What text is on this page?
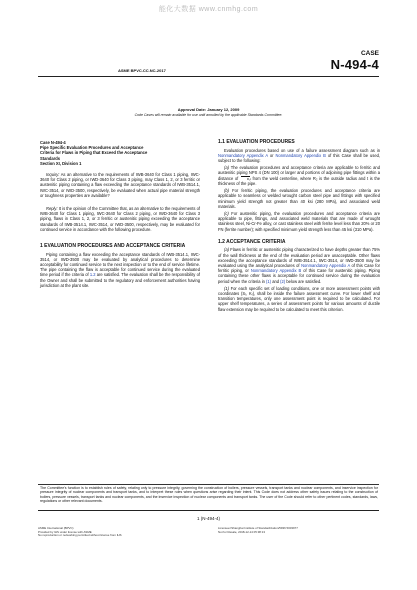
能化大数据 www.cnmhg.com
ASME BPVC.CC.NC-2017
CASE
N-494-4
Approval Date: January 12, 2009
Code Cases will remain available for use until annulled by the applicable Standards Committee.

Case N-494-4

Pipe Specific Evaluation Procedures and Acceptance

Criteria for Flaws in Piping that Exceed the Acceptance

Standards

Section XI, Division 1

Inquiry: As an alternative to the requirements of IWB-3640 for Class 1 piping, IWC-3640 for Class 2 piping, or IWD-3640 for Class 3 piping, may Class 1, 2, or 3 ferritic or austenitic piping containing a flaw exceeding the acceptance standards of IWB-3514.1, IWC-3514, or IWD-3500, respectively, be evaluated when actual pipe material strength or toughness properties are available?

Reply: It is the opinion of the Committee that, as an alternative to the requirements of IWB-3640 for Class 1 piping, IWC-3640 for Class 2 piping, or IWD-3640 for Class 3 piping, flaws in Class 1, 2, or 3 ferritic or austenitic piping exceeding the acceptance standards of IWB-3514.1, IWC-3514, or IWD-3500, respectively, may be evaluated for continued service in accordance with the following procedure.

1 EVALUATION PROCEDURES AND ACCEPTANCE CRITERIA

Piping containing a flaw exceeding the acceptance standards of IWB-3514.1, IWC-3514, or IWD-3500 may be evaluated by analytical procedures to determine acceptability for continued service to the next inspection or to the end of service lifetime. The pipe containing the flaw is acceptable for continued service during the evaluated time period if the criteria of 1.2 are satisfied. The evaluation shall be the responsibility of the Owner and shall be submitted to the regulatory and enforcement authorities having jurisdiction at the plant site.

1.1 EVALUATION PROCEDURES

Evaluation procedures based on use of a failure assessment diagram such as in Nonmandatory Appendix A or Nonmandatory Appendix B of this Case shall be used, subject to the following:

(a) The evaluation procedures and acceptance criteria are applicable to ferritic and austenitic piping NPS 4 (DN 100) or larger and portions of adjoining pipe fittings within a distance of	R₂t from the weld centerline, where R₂ is the outside radius and t is the thickness of the pipe.

(b) For ferritic piping, the evaluation procedures and acceptance criteria are applicable to seamless or welded wrought carbon steel pipe and fittings with specified minimum yield strength not greater than 40 ksi (280 MPa), and associated weld materials.

(c) For austenitic piping, the evaluation procedures and acceptance criteria are applicable to pipe, fittings, and associated weld materials that are made of wrought stainless steel, Ni-Cr-Fe alloy, or cast stainless steel with ferrite level less than 20% or 20 FN (ferrite number); with specified minimum yield strength less than 45 ksi (310 MPa).

1.2 ACCEPTANCE CRITERIA

(a) Flaws in ferritic or austenitic piping characterized to have depths greater than 75% of the wall thickness at the end of the evaluation period are unacceptable. Other flaws exceeding the acceptance standards of IWB-3514.1, IWC-3514, or IWD-3500 may be evaluated using the analytical procedures of Nonmandatory Appendix A of this Case for ferritic piping, or Nonmandatory Appendix B of this Case for austenitic piping. Piping containing these other flaws is acceptable for continued service during the evaluation period when the criteria in (1) and (2) below are satisfied.

(1) For each specific set of loading conditions, one or more assessment points with coordinates (Sᵣ, Kᵣ), shall be inside the failure assessment curve. For lower shelf and transition temperatures, only one assessment point is required to be calculated. For upper shelf temperatures, a series of assessment points for various amounts of ductile flaw extension may be required to be calculated to meet this criterion.

The Committee's function is to establish rules of safety, relating only to pressure integrity, governing the construction of boilers, pressure vessels, transport tanks and nuclear components, and inservice inspection for pressure integrity of nuclear components and transport tanks, and to interpret these rules when questions arise regarding their intent. This Code does not address other safety issues relating to the construction of boilers, pressure vessels, transport tanks and nuclear components, and the inservice inspection of nuclear components and transport tanks. The user of the Code should refer to other pertinent codes, standards, laws, regulations or other relevant documents.
1 (N-494-4)
ASME International (BPVC)
Provided by IHS under license with ASME
No reproduction or networking permitted without license from IHS
Licensee=Shanghai Institute of Standardization/5936 5003977
Not for Resale, 2018-12-14 05:38:13
